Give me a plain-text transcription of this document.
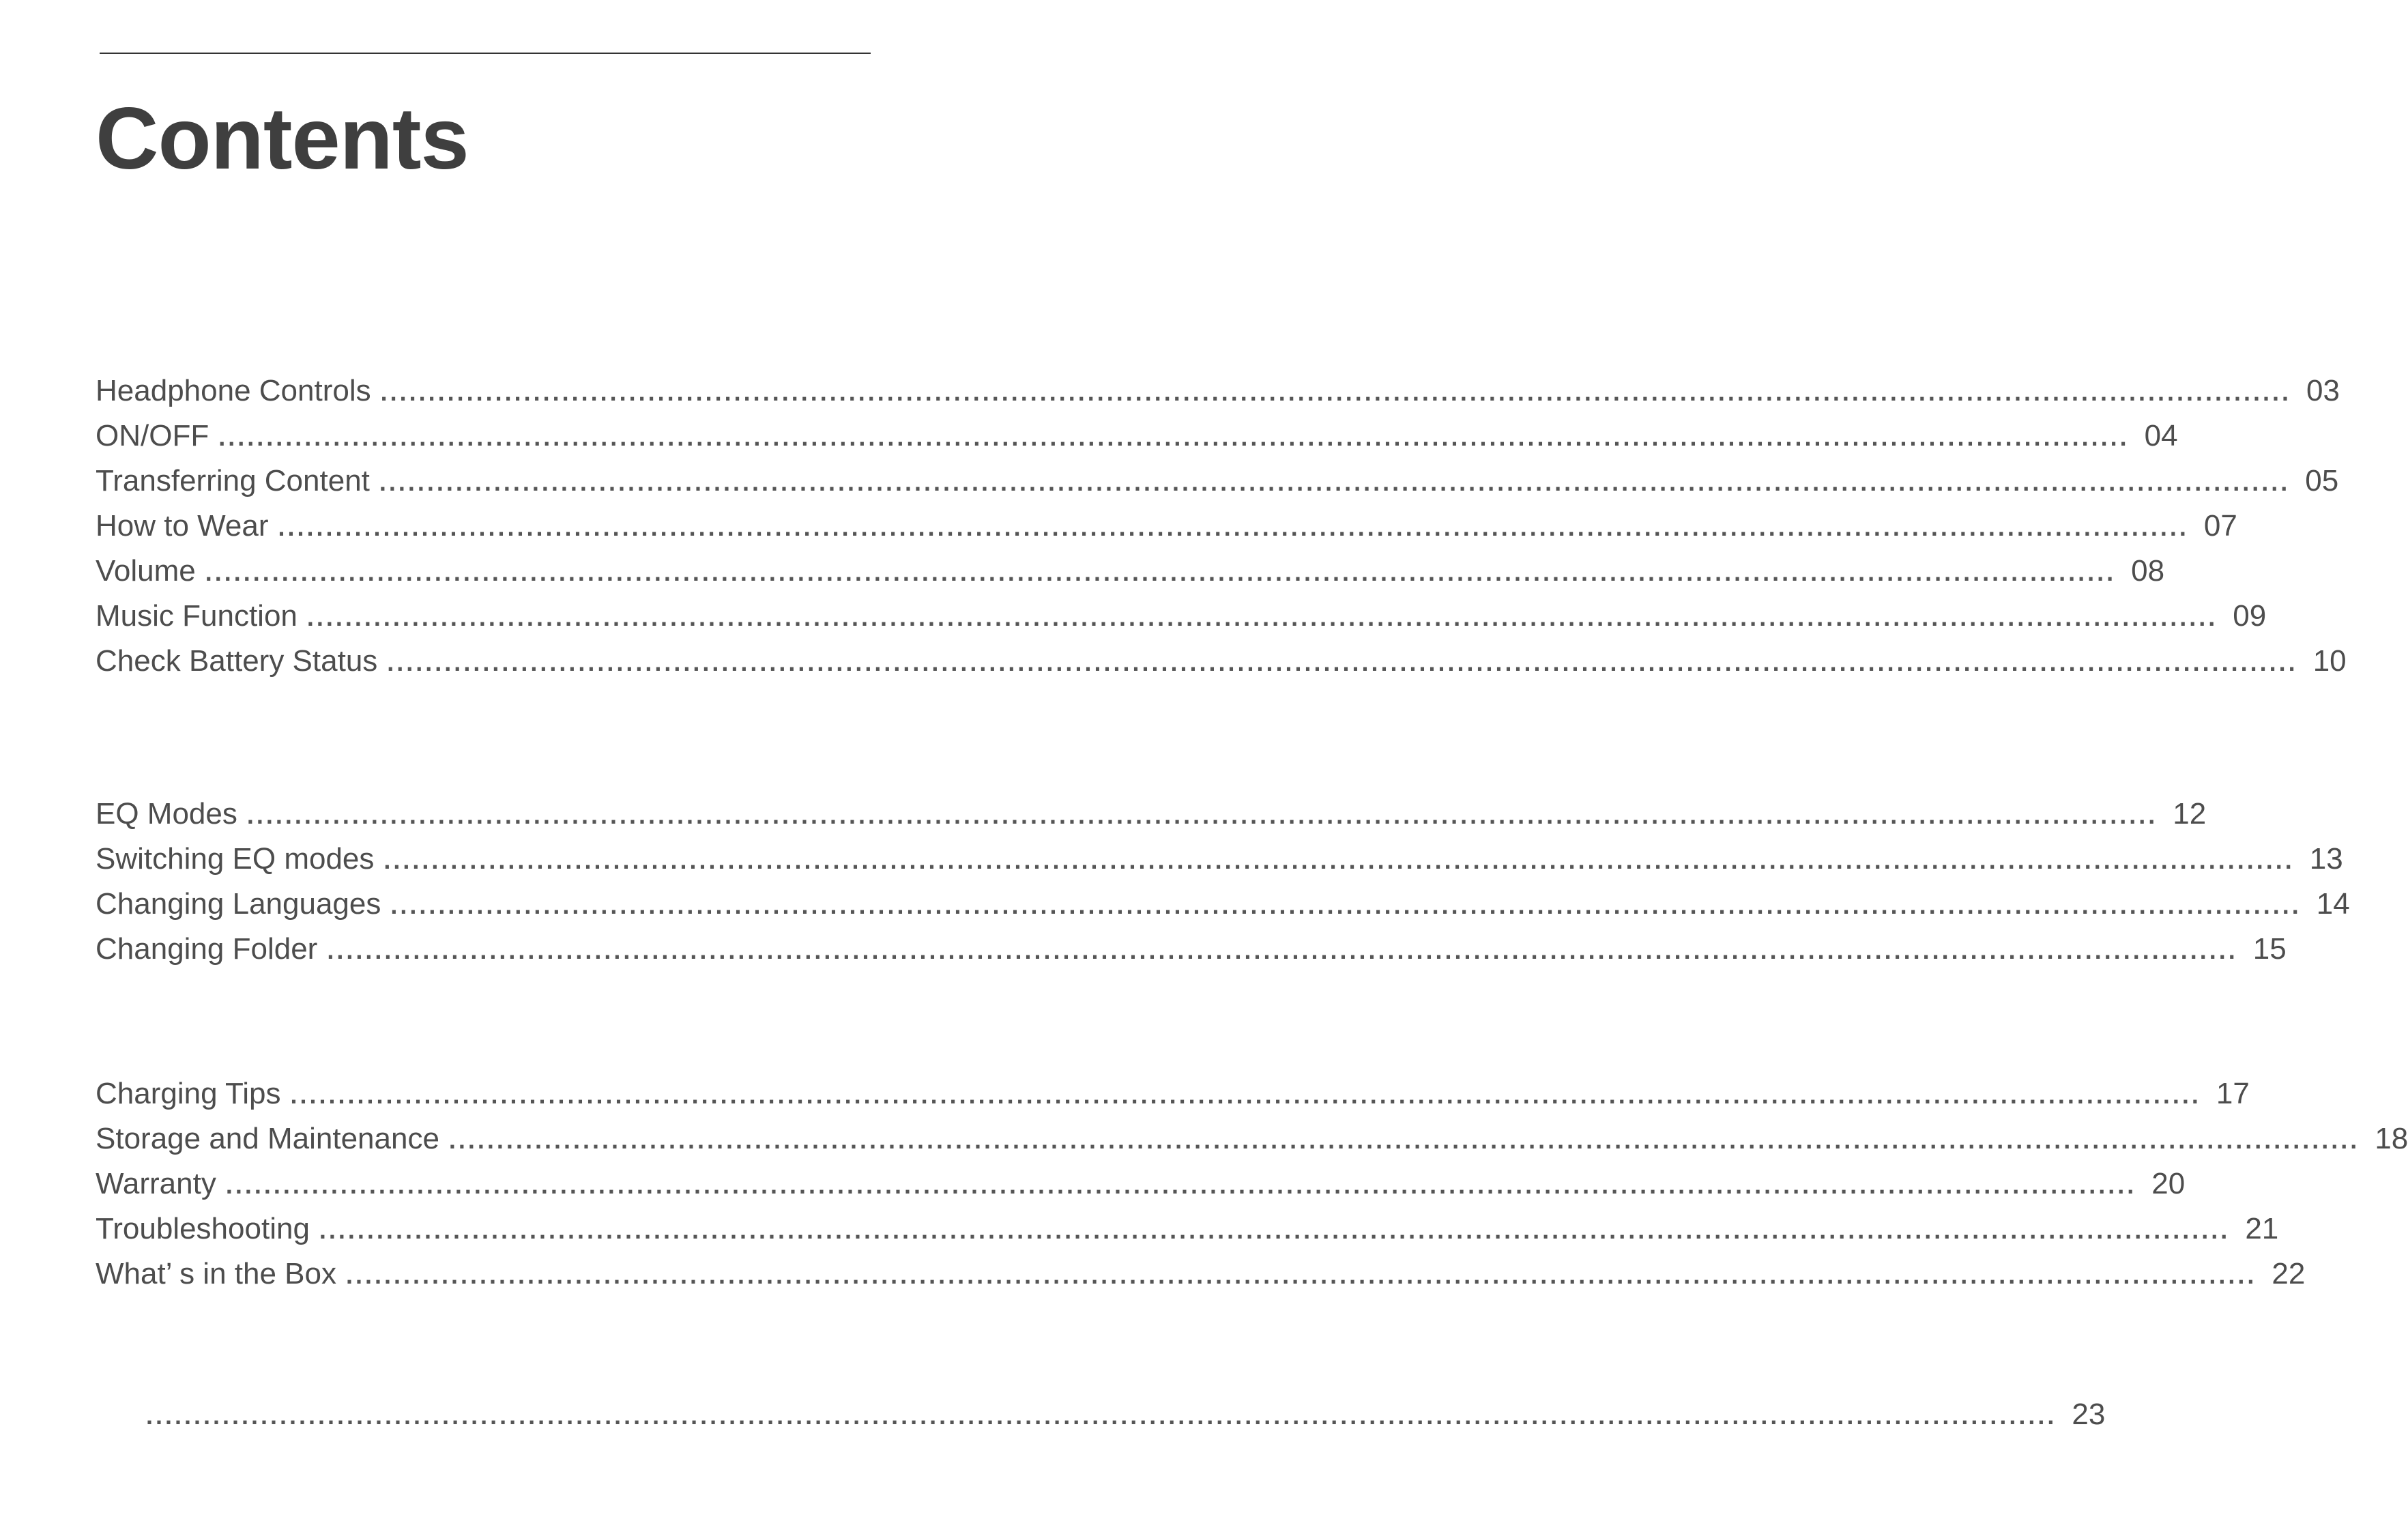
Contents
Headphone Controls ........................................................................................................................................................................................................ 03
ON/OFF ........................................................................................................................................................................................................ 04
Transferring Content ........................................................................................................................................................................................................ 05
How to Wear ........................................................................................................................................................................................................ 07
Volume ........................................................................................................................................................................................................ 08
Music Function ........................................................................................................................................................................................................ 09
Check Battery Status ........................................................................................................................................................................................................ 10
EQ Modes ........................................................................................................................................................................................................ 12
Switching EQ modes ........................................................................................................................................................................................................ 13
Changing Languages ........................................................................................................................................................................................................ 14
Changing Folder ........................................................................................................................................................................................................ 15
Charging Tips ........................................................................................................................................................................................................ 17
Storage and Maintenance ........................................................................................................................................................................................................ 18
Warranty ........................................................................................................................................................................................................ 20
Troubleshooting ........................................................................................................................................................................................................ 21
What’ s in the Box ........................................................................................................................................................................................................ 22
........................................................................................................................................................................................................ 23
